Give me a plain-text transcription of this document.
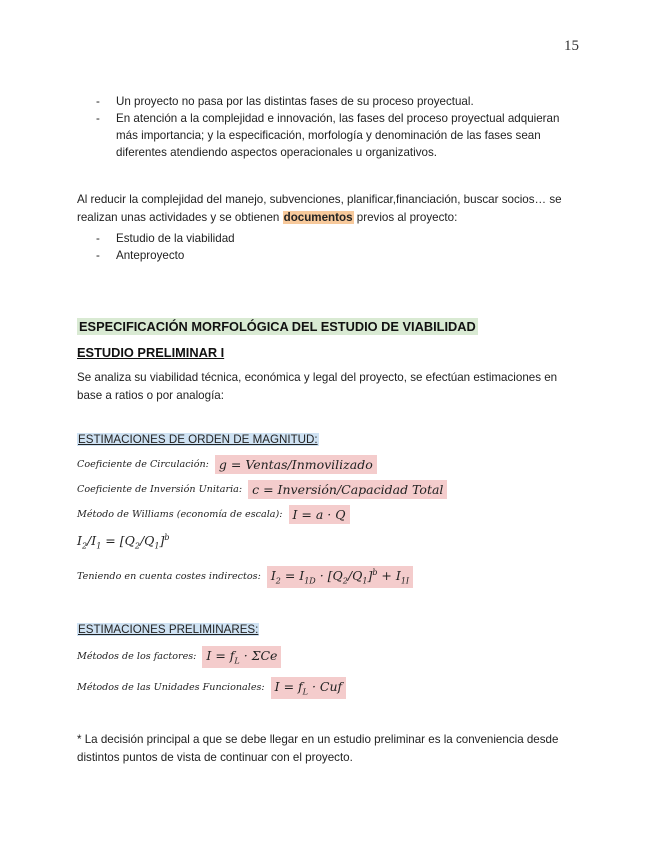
15
- Un proyecto no pasa por las distintas fases de su proceso proyectual.
- En atención a la complejidad e innovación, las fases del proceso proyectual adquieran más importancia; y la especificación, morfología y denominación de las fases sean diferentes atendiendo aspectos operacionales u organizativos.

Al reducir la complejidad del manejo, subvenciones, planificar,financiación, buscar socios… se realizan unas actividades y se obtienen documentos previos al proyecto:

- Estudio de la viabilidad
- Anteproyecto
ESPECIFICACIÓN MORFOLÓGICA DEL ESTUDIO DE VIABILIDAD
ESTUDIO PRELIMINAR I

Se analiza su viabilidad técnica, económica y legal del proyecto, se efectúan estimaciones en base a ratios o por analogía:

ESTIMACIONES DE ORDEN DE MAGNITUD:
Coeficiente de Circulación: g = Ventas/Inmovilizado
Coeficiente de Inversión Unitaria: c = Inversión/Capacidad Total
Método de Williams (economía de escala): I = a · Q
$I_2/I_1 = [Q_2/Q_1]^b$
Teniendo en cuenta costes indirectos: $I_2 = I_{1D} \cdot [Q_2/Q_1]^b + I_{1I}$
ESTIMACIONES PRELIMINARES:
Métodos de los factores: $I = f_L \cdot \Sigma Ce$
Métodos de las Unidades Funcionales: $I = f_L$ · Cuf

* La decisión principal a que se debe llegar en un estudio preliminar es la conveniencia desde distintos puntos de vista de continuar con el proyecto.
